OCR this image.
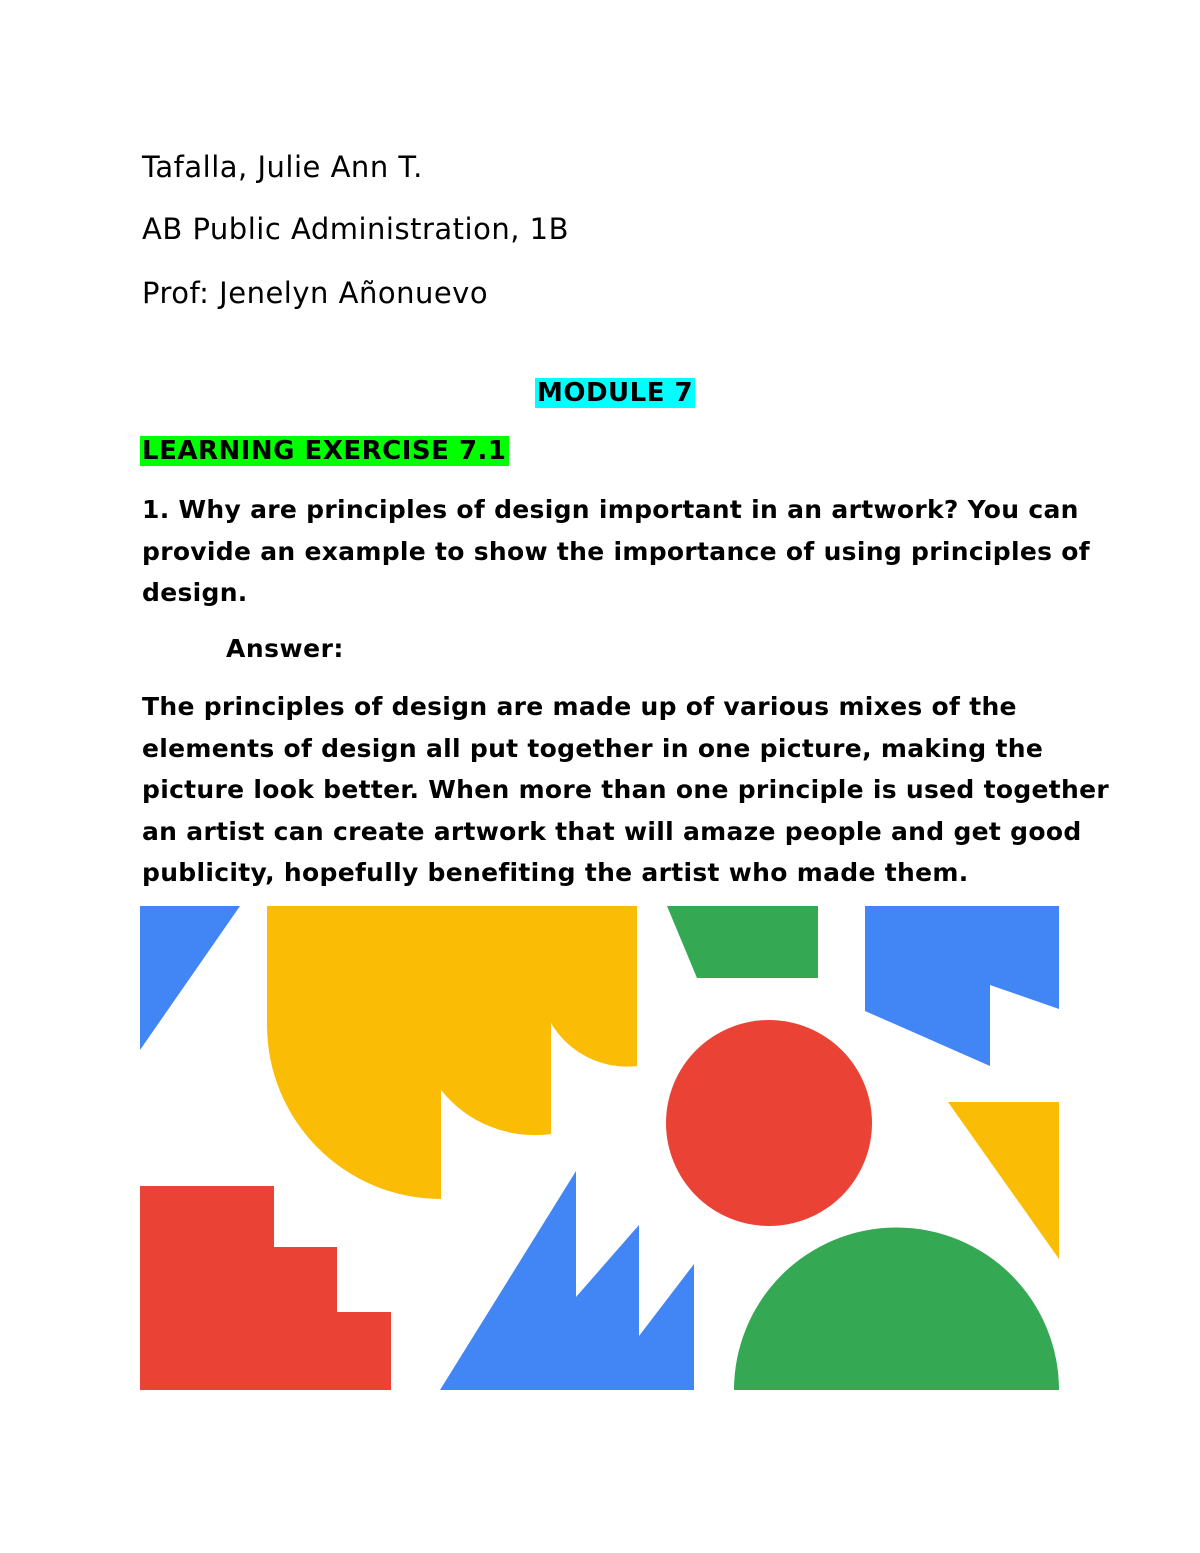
Tafalla, Julie Ann T.
AB Public Administration, 1B
Prof: Jenelyn Añonuevo
MODULE 7
LEARNING EXERCISE 7.1

1. Why are principles of design important in an artwork? You can

provide an example to show the importance of using principles of

design.

Answer:

The principles of design are made up of various mixes of the

elements of design all put together in one picture, making the

picture look better. When more than one principle is used together

an artist can create artwork that will amaze people and get good

publicity, hopefully benefiting the artist who made them.
